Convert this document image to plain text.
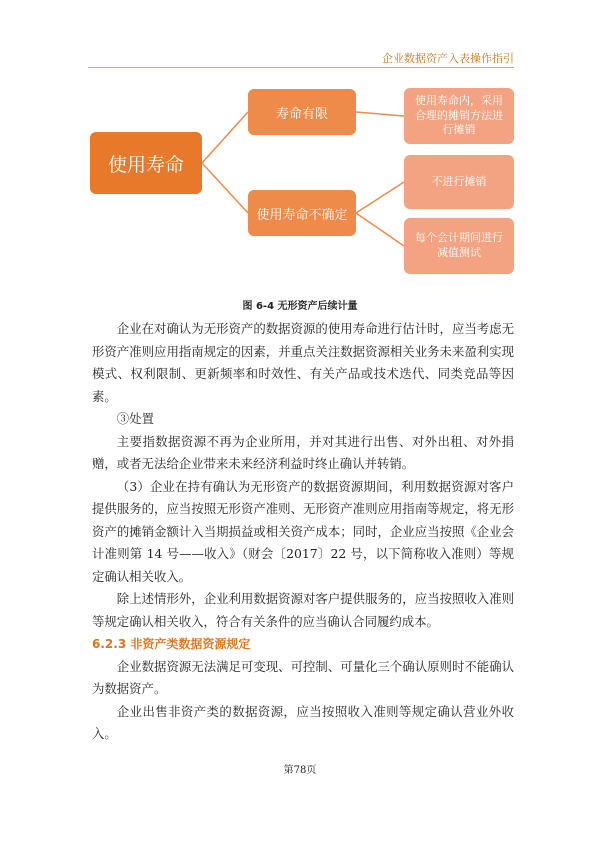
企业数据资产入表操作指引
使用寿命
寿命有限
使用寿命不确定
使用寿命内，采用合理的摊销方法进行摊销
不进行摊销
每个会计期间进行减值测试
图 6-4 无形资产后续计量

企业在对确认为无形资产的数据资源的使用寿命进行估计时，应当考虑无形资产准则应用指南规定的因素，并重点关注数据资源相关业务未来盈利实现模式、权利限制、更新频率和时效性、有关产品或技术迭代、同类竞品等因素。

③处置

主要指数据资源不再为企业所用，并对其进行出售、对外出租、对外捐赠，或者无法给企业带来未来经济利益时终止确认并转销。

（3）企业在持有确认为无形资产的数据资源期间，利用数据资源对客户提供服务的，应当按照无形资产准则、无形资产准则应用指南等规定，将无形资产的摊销金额计入当期损益或相关资产成本；同时，企业应当按照《企业会计准则第 14 号——收入》（财会〔2017〕22 号，以下简称收入准则）等规定确认相关收入。

除上述情形外，企业利用数据资源对客户提供服务的，应当按照收入准则等规定确认相关收入，符合有关条件的应当确认合同履约成本。

6.2.3 非资产类数据资源规定

企业数据资源无法满足可变现、可控制、可量化三个确认原则时不能确认为数据资产。

企业出售非资产类的数据资源，应当按照收入准则等规定确认营业外收入。

第78页
